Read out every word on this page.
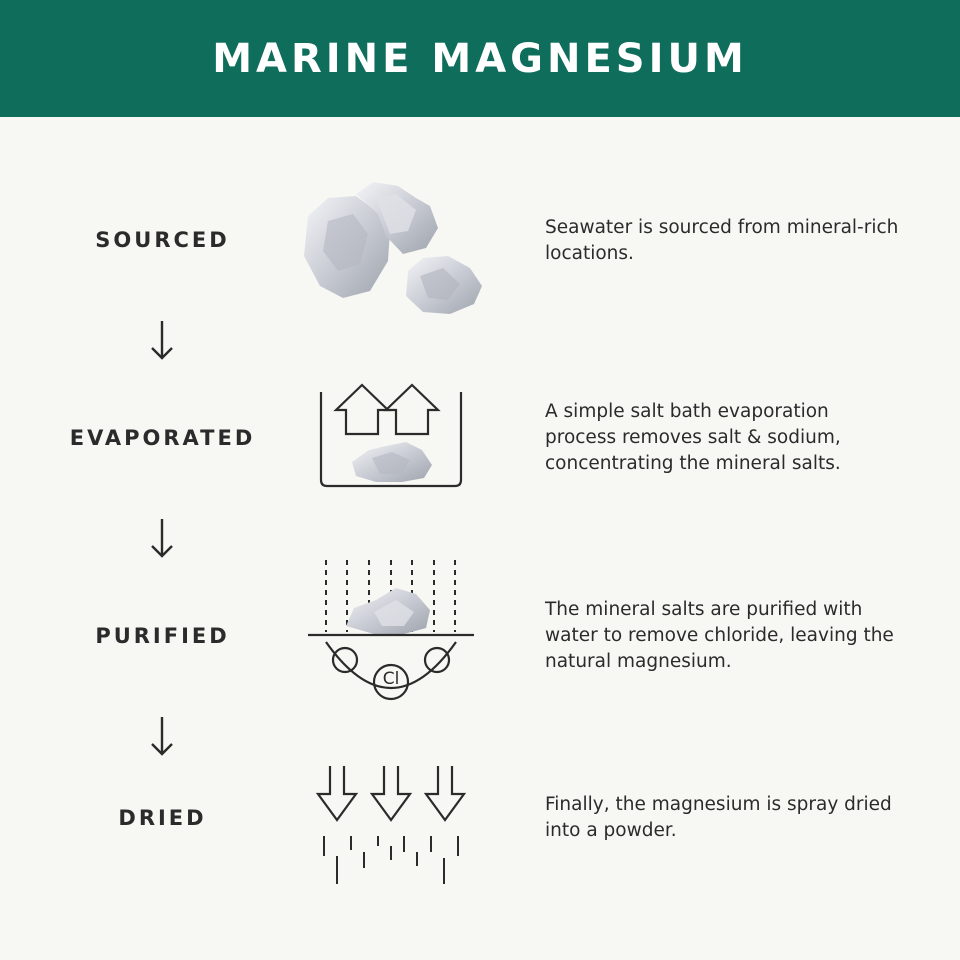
MARINE MAGNESIUM
SOURCED
EVAPORATED
PURIFIED
DRIED
Cl
Seawater is sourced from mineral-rich locations.
A simple salt bath evaporation process removes salt & sodium, concentrating the mineral salts.
The mineral salts are purified with water to remove chloride, leaving the natural magnesium.
Finally, the magnesium is spray dried into a powder.
